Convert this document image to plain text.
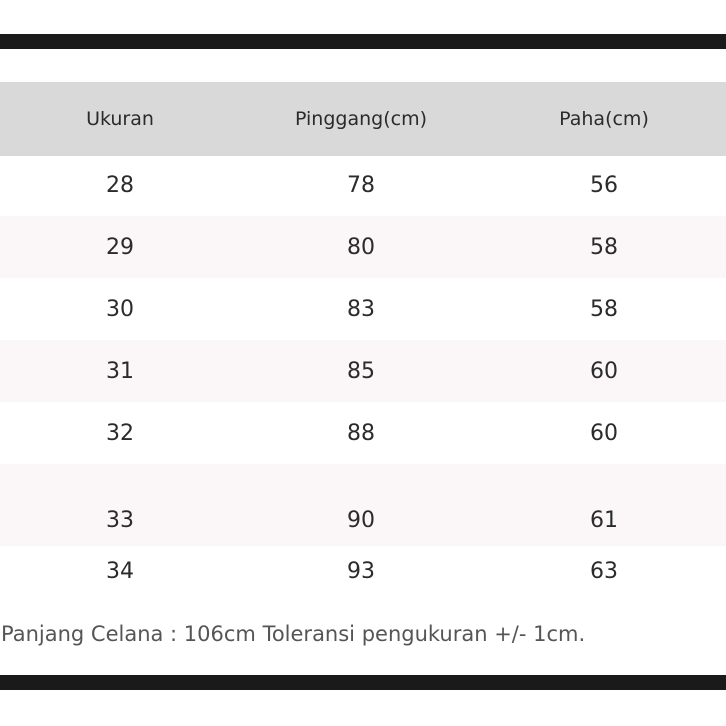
Ukuran	Pinggang(cm)	Paha(cm)
28	78	56
29	80	58
30	83	58
31	85	60
32	88	60
33	90	61
34	93	63
Panjang Celana : 106cm Toleransi pengukuran +/- 1cm.
